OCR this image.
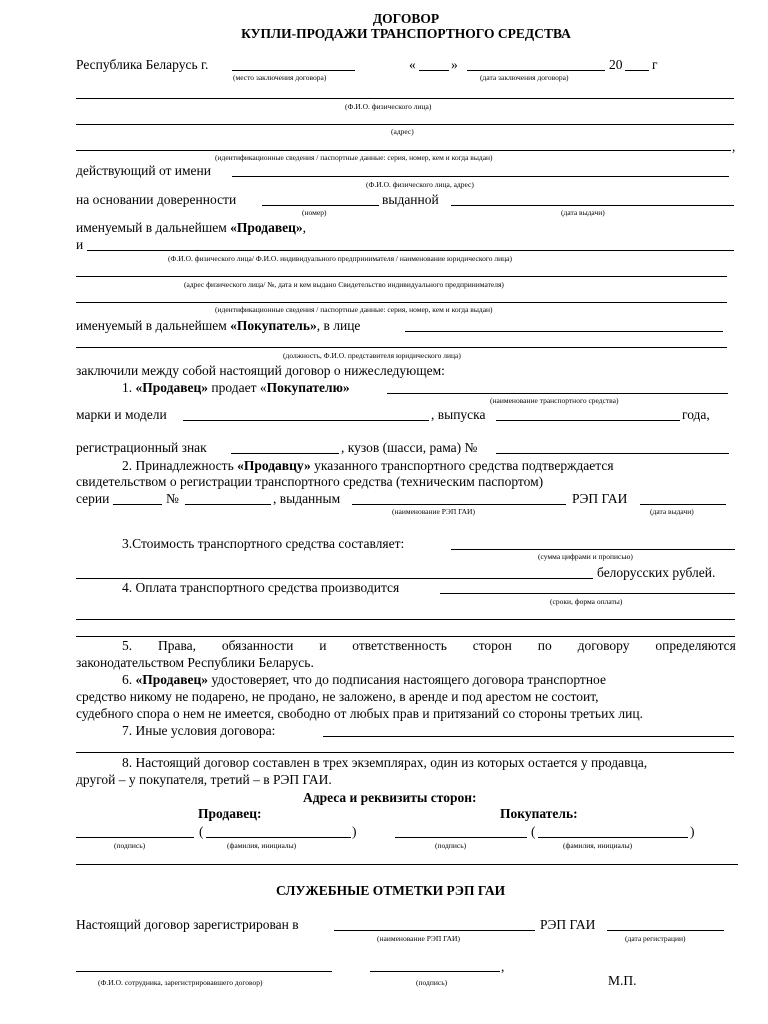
ДОГОВОР
КУПЛИ-ПРОДАЖИ ТРАНСПОРТНОГО СРЕДСТВА
Республика Беларусь г.	«	»	20 г
(место заключения договора)	(дата заключения договора)
(Ф.И.О. физического лица)
(адрес)
,
(идентификационные сведения / паспортные данные: серия, номер, кем и когда выдан)
действующий от имени
(Ф.И.О. физического лица, адрес)
на основании доверенности	выданной
(номер)	(дата выдачи)
именуемый в дальнейшем «Продавец»,
и
(Ф.И.О. физического лица/ Ф.И.О. индивидуального предпринимателя / наименование юридического лица)
(адрес физического лица/ №, дата и кем выдано Свидетельство индивидуального предпринимателя)
(идентификационные сведения / паспортные данные: серия, номер, кем и когда выдан)
именуемый в дальнейшем «Покупатель», в лице
(должность, Ф.И.О. представителя юридического лица)
заключили между собой настоящий договор о нижеследующем:
1. «Продавец» продает «Покупателю»
(наименование транспортного средства)
марки и модели	, выпуска	года,
регистрационный знак	, кузов (шасси, рама) №
2. Принадлежность «Продавцу» указанного транспортного средства подтверждается
свидетельством о регистрации транспортного средства (техническим паспортом)
серии	№	, выданным	РЭП ГАИ
(наименование РЭП ГАИ)	(дата выдачи)
3.Стоимость транспортного средства составляет:
(сумма цифрами и прописью)
белорусских рублей.
4. Оплата транспортного средства производится
(сроки, форма оплаты)
5. Права, обязанности и ответственность сторон по договору определяются
законодательством Республики Беларусь.
6. «Продавец» удостоверяет, что до подписания настоящего договора транспортное
средство никому не подарено, не продано, не заложено, в аренде и под арестом не состоит,
судебного спора о нем не имеется, свободно от любых прав и притязаний со стороны третьих лиц.
7. Иные условия договора:
8. Настоящий договор составлен в трех экземплярах, один из которых остается у продавца,
другой – у покупателя, третий – в РЭП ГАИ.
Адреса и реквизиты сторон:
Продавец:	Покупатель:
(	)	(	)
(подпись)	(фамилия, инициалы)	(подпись)	(фамилия, инициалы)
СЛУЖЕБНЫЕ ОТМЕТКИ РЭП ГАИ
Настоящий договор зарегистрирован в	РЭП ГАИ
(наименование РЭП ГАИ)	(дата регистрации)
,
(Ф.И.О. сотрудника, зарегистрировавшего договор)	(подпись)	М.П.
